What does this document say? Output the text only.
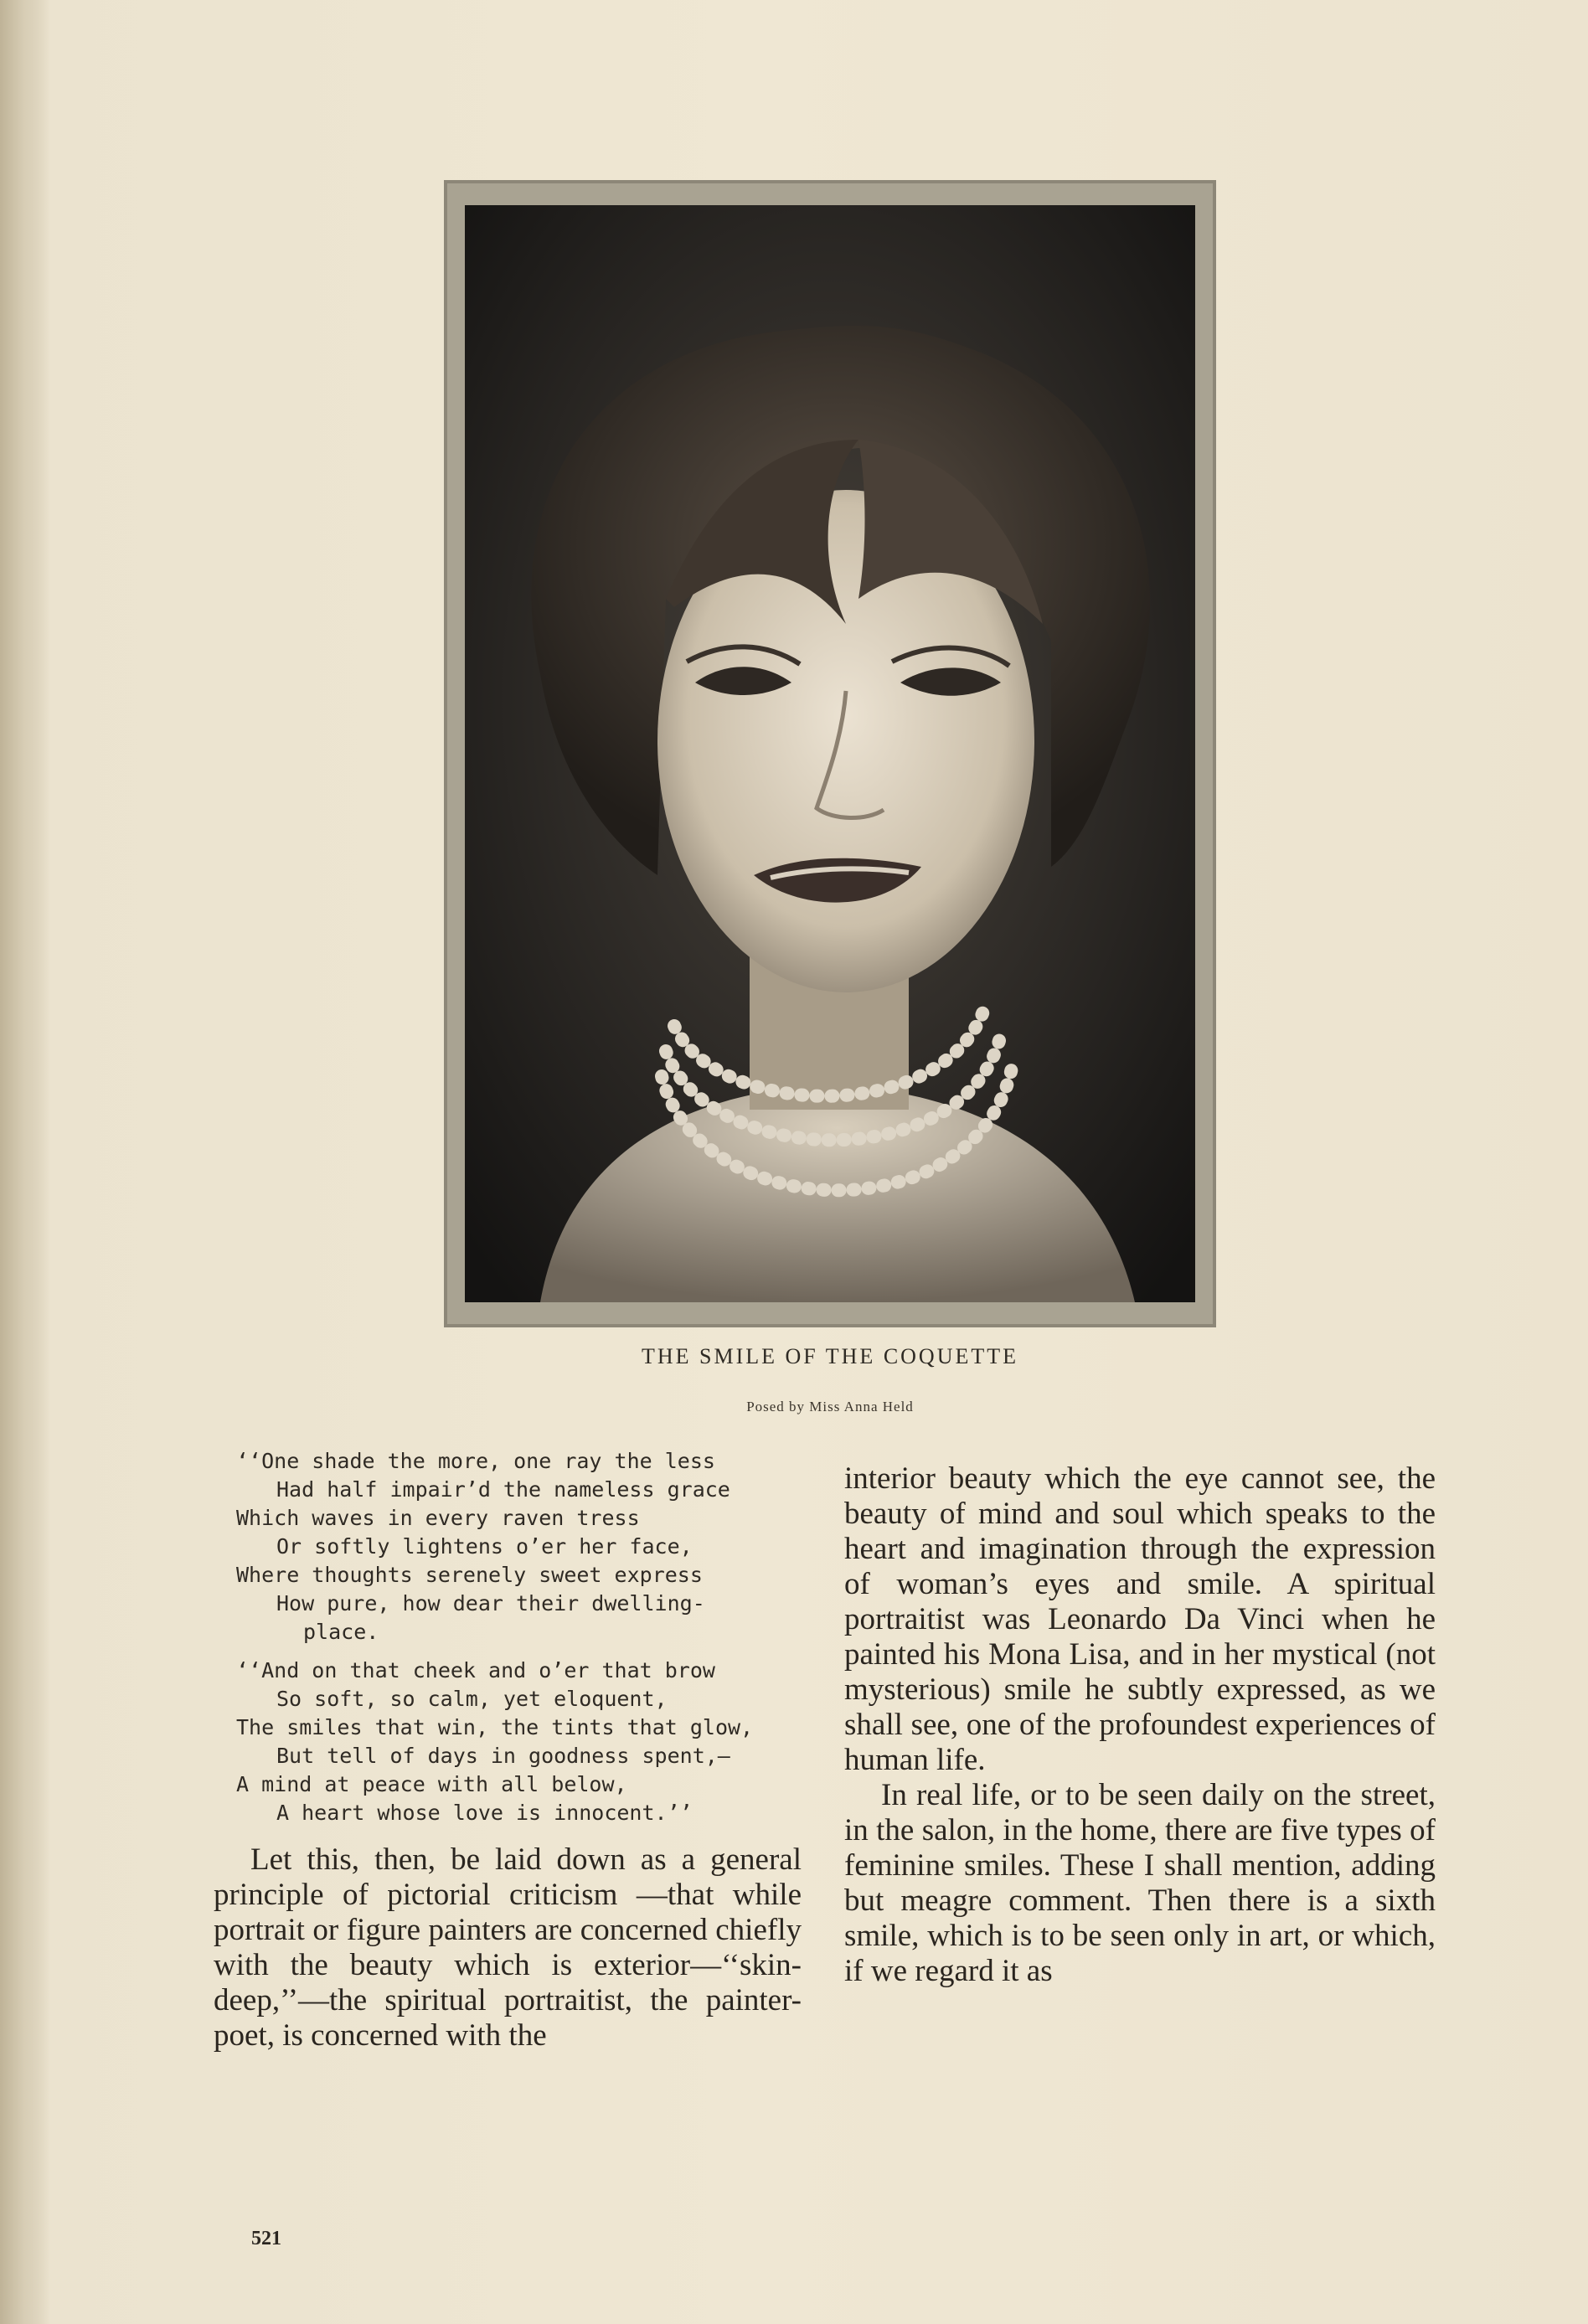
THE SMILE OF THE COQUETTE
Posed by Miss Anna Held
‘‘One shade the more, one ray the less
Had half impair’d the nameless grace
Which waves in every raven tress
Or softly lightens o’er her face,
Where thoughts serenely sweet express
How pure, how dear their dwelling-
place.
‘‘And on that cheek and o’er that brow
So soft, so calm, yet eloquent,
The smiles that win, the tints that glow,
But tell of days in goodness spent,—
A mind at peace with all below,
A heart whose love is innocent.’’

Let this, then, be laid down as a general principle of pictorial criticism —that while portrait or figure painters are concerned chiefly with the beauty which is exterior—‘‘skin-deep,’’—the spiritual portraitist, the painter-poet, is concerned with the

interior beauty which the eye cannot see, the beauty of mind and soul which speaks to the heart and imagination through the expression of woman’s eyes and smile. A spiritual portraitist was Leonardo Da Vinci when he painted his Mona Lisa, and in her mystical (not mysterious) smile he subtly expressed, as we shall see, one of the profoundest experiences of human life.

In real life, or to be seen daily on the street, in the salon, in the home, there are five types of feminine smiles. These I shall mention, adding but meagre comment. Then there is a sixth smile, which is to be seen only in art, or which, if we regard it as

521
